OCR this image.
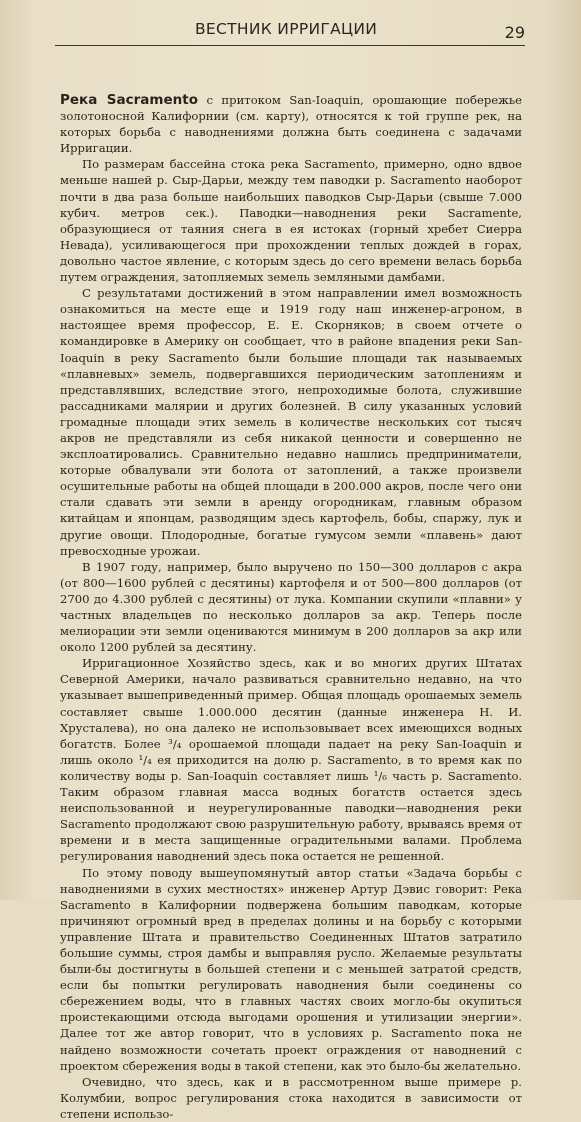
ВЕСТНИК ИРРИГАЦИИ	29

Река Sacramento с притоком San-Ioaquin, орошающие побережье золотоносной Калифорнии (см. карту), относятся к той группе рек, на которых борьба с наводнениями должна быть соединена с задачами Ирригации.

По размерам бассейна стока река Sacramento, примерно, одно вдвое меньше нашей р. Сыр-Дарьи, между тем паводки р. Sacramento наоборот почти в два раза больше наибольших паводков Сыр-Дарьи (свыше 7.000 кубич. метров сек.). Паводки—наводнения реки Sacramente, образующиеся от таяния снега в ея истоках (горный хребет Сиерра Невада), усиливающегося при прохождении теплых дождей в горах, довольно частое явление, с которым здесь до сего времени велась борьба путем ограждения, затопляемых земель земляными дамбами.

С результатами достижений в этом направлении имел возможность ознакомиться на месте еще и 1919 году наш инженер-агроном, в настоящее время профессор, Е. Е. Скорняков; в своем отчете о командировке в Америку он сообщает, что в районе впадения реки San-Ioaquin в реку Sacramento были большие площади так называемых «плавневых» земель, подвергавшихся периодическим затоплениям и представлявших, вследствие этого, непроходимые болота, служившие рассадниками малярии и других болезней. В силу указанных условий громадные площади этих земель в количестве нескольких сот тысяч акров не представляли из себя никакой ценности и совершенно не эксплоатировались. Сравнительно недавно нашлись предприниматели, которые обвалували эти болота от затоплений, а также произвели осушительные работы на общей площади в 200.000 акров, после чего они стали сдавать эти земли в аренду огородникам, главным образом китайцам и японцам, разводящим здесь картофель, бобы, спаржу, лук и другие овощи. Плодородные, богатые гумусом земли «плавень» дают превосходные урожаи.

В 1907 году, например, было выручено по 150—300 долларов с акра (от 800—1600 рублей с десятины) картофеля и от 500—800 долларов (от 2700 до 4.300 рублей с десятины) от лука. Компании скупили «плавни» у частных владельцев по несколько долларов за акр. Теперь после мелиорации эти земли оцениваются минимум в 200 долларов за акр или около 1200 рублей за десятину.

Ирригационное Хозяйство здесь, как и во многих других Штатах Северной Америки, начало развиваться сравнительно недавно, на что указывает вышеприведенный пример. Общая площадь орошаемых земель составляет свыше 1.000.000 десятин (данные инженера Н. И. Хрусталева), но она далеко не использовывает всех имеющихся водных богатств. Более ³/₄ орошаемой площади падает на реку San-Ioaquin и лишь около ¹/₄ ея приходится на долю р. Sacramento, в то время как по количеству воды р. San-Ioaquin составляет лишь ¹/₆ часть р. Sacramento. Таким образом главная масса водных богатств остается здесь неиспользованной и неурегулированные паводки—наводнения реки Sacramento продолжают свою разрушительную работу, врываясь время от времени и в места защищенные оградительными валами. Проблема регулирования наводнений здесь пока остается не решенной.

По этому поводу вышеупомянутый автор статьи «Задача борьбы с наводнениями в сухих местностях» инженер Артур Дэвис говорит: Река Sacramento в Калифорнии подвержена большим паводкам, которые причиняют огромный вред в пределах долины и на борьбу с которыми управление Штата и правительство Соединенных Штатов затратило большие суммы, строя дамбы и выправляя русло. Желаемые результаты были-бы достигнуты в большей степени и с меньшей затратой средств, если бы попытки регулировать наводнения были соединены со сбережением воды, что в главных частях своих могло-бы окупиться проистекающими отсюда выгодами орошения и утилизации энергии». Далее тот же автор говорит, что в условиях р. Sacramento пока не найдено возможности сочетать проект ограждения от наводнений с проектом сбережения воды в такой степени, как это было-бы желательно.

Очевидно, что здесь, как и в рассмотренном выше примере р. Колумбии, вопрос регулирования стока находится в зависимости от степени использо-
